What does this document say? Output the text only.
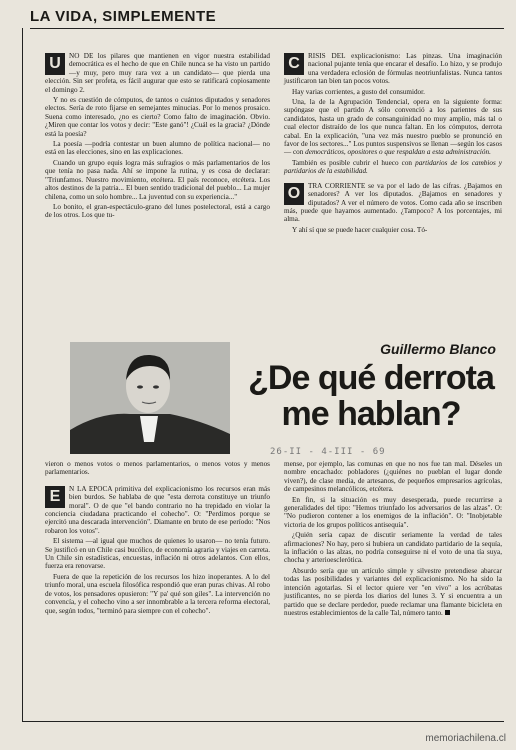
LA VIDA, SIMPLEMENTE

U	NO DE los pilares que mantienen en vigor nuestra estabilidad democrática es el hecho de que en Chile nunca se ha visto un partido —y muy, pero muy rara vez a un candidato— que pierda una elección. Sin ser profeta, es fácil augurar que esto se ratificará copiosamente el domingo 2.

Y no es cuestión de cómputos, de tantos o cuántos diputados y senadores electos. Sería de roto fijarse en semejantes minucias. Por lo menos prosaico. Suena como interesado, ¿no es cierto? Como falto de imaginación. Obvio. ¿Miren que contar los votos y decir: "Este ganó"! ¿Cuál es la gracia? ¿Dónde está la poesía?

La poesía —podría contestar un buen alumno de política nacional— no está en las elecciones, sino en las explicaciones.

Cuando un grupo equis logra más sufragios o más parlamentarios de los que tenía no pasa nada. Ahí se impone la rutina, y es cosa de declarar: "Triunfamos. Nuestro movimiento, etcétera. El país reconoce, etcétera. Los altos destinos de la patria... El buen sentido tradicional del pueblo... La mujer chilena, como un solo hombre... La juventud con su experiencia..."

Lo bonito, el gran-espectáculo-grano del lunes postelectoral, está a cargo de los otros. Los que tu-

C	RISIS DEL explicacionismo: Las pinzas. Una imaginación nacional pujante tenía que encarar el desafío. Lo hizo, y se produjo una verdadera eclosión de fórmulas neotriunfalistas. Nunca tantos justificaron tan bien tan pocos votos.

Hay varias corrientes, a gusto del consumidor.

Una, la de la Agrupación Tendencial, opera en la siguiente forma: supóngase que el partido A sólo convenció a los parientes de sus candidatos, hasta un grado de consanguinidad no muy amplio, más tal o cual elector distraído de los que nunca faltan. En los cómputos, derrota cabal. En la explicación, "una vez más nuestro pueblo se pronunció en favor de los sectores..." Los puntos suspensivos se llenan —según los casos— con democráticos, opositores o que respaldan a esta administración.

También es posible cubrir el hueco con partidarios de los cambios y partidarios de la estabilidad.

O	TRA CORRIENTE se va por el lado de las cifras. ¿Bajamos en senadores? A ver los diputados. ¿Bajamos en senadores y diputados? A ver el número de votos. Como cada año se inscriben más, puede que hayamos aumentado. ¿Tampoco? A los porcentajes, mi alma.

Y ahí sí que se puede hacer cualquier cosa. Tó-

Guillermo Blanco
¿De qué derrota
me hablan?
26-II - 4-III - 69

vieron o menos votos o menos parlamentarios, o menos votos y menos parlamentarios.

E	N LA EPOCA primitiva del explicacionismo los recursos eran más bien burdos. Se hablaba de que "esta derrota constituye un triunfo moral". O de que "el bando contrario no ha trepidado en violar la conciencia ciudadana practicando el cohecho". O: "Perdimos porque se ejercitó una descarada intervención". Diamante en bruto de ese período: "Nos robaron los votos".

El sistema —al igual que muchos de quienes lo usaron— no tenía futuro. Se justificó en un Chile casi bucólico, de economía agraria y viajes en carreta. Un Chile sin estadísticas, encuestas, inflación ni otros adelantos. Con ellos, fuerza era renovarse.

Fuera de que la repetición de los recursos los hizo inoperantes. A lo del triunfo moral, una escuela filosófica respondió que eran puras chivas. Al robo de votos, los pensadores opusieron: "Y pa' qué son giles". La intervención no convencía, y el cohecho vino a ser innombrable a la tercera reforma electoral, que, según todos, "terminó para siempre con el cohecho".

mense, por ejemplo, las comunas en que no nos fue tan mal. Déseles un nombre encachado: pobladores (¿quiénes no pueblan el lugar donde viven?), de clase media, de artesanos, de pequeños empresarios agrícolas, de campesinos melancólicos, etcétera.

En fin, si la situación es muy desesperada, puede recurrirse a generalidades del tipo: "Hemos triunfado los adversarios de las alzas". O: "No pudieron contener a los enemigos de la inflación". O: "Inobjetable victoria de los grupos políticos antisequía".

¿Quién sería capaz de discutir seriamente la verdad de tales afirmaciones? No hay, pero si hubiera un candidato partidario de la sequía, la inflación o las alzas, no podría conseguirse ni el voto de una tía suya, chocha y arterioesclerótica.

Absurdo sería que un artículo simple y silvestre pretendiese abarcar todas las posibilidades y variantes del explicacionismo. No ha sido la intención agotarlas. Si el lector quiere ver "en vivo" a los acróbatas justificantes, no se pierda los diarios del lunes 3. Y si encuentra a un partido que se declare perdedor, puede reclamar una flamante bicicleta en nuestros establecimientos de la calle Tal, número tanto.

memoriachilena.cl
